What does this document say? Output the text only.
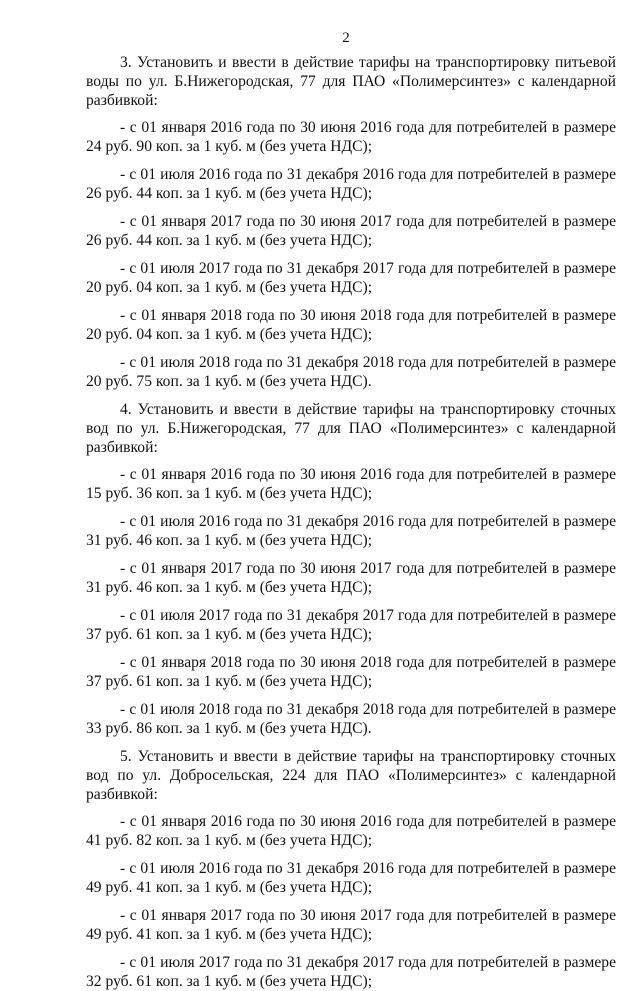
2

3. Установить и ввести в действие тарифы на транспортировку питьевой воды по ул. Б.Нижегородская, 77 для ПАО «Полимерсинтез» с календарной разбивкой:

- с 01 января 2016 года по 30 июня 2016 года для потребителей в размере
24 руб. 90 коп. за 1 куб. м (без учета НДС);

- с 01 июля 2016 года по 31 декабря 2016 года для потребителей в размере
26 руб. 44 коп. за 1 куб. м (без учета НДС);

- с 01 января 2017 года по 30 июня 2017 года для потребителей в размере
26 руб. 44 коп. за 1 куб. м (без учета НДС);

- с 01 июля 2017 года по 31 декабря 2017 года для потребителей в размере
20 руб. 04 коп. за 1 куб. м (без учета НДС);

- с 01 января 2018 года по 30 июня 2018 года для потребителей в размере
20 руб. 04 коп. за 1 куб. м (без учета НДС);

- с 01 июля 2018 года по 31 декабря 2018 года для потребителей в размере
20 руб. 75 коп. за 1 куб. м (без учета НДС).

4. Установить и ввести в действие тарифы на транспортировку сточных вод по ул. Б.Нижегородская, 77 для ПАО «Полимерсинтез» с календарной разбивкой:

- с 01 января 2016 года по 30 июня 2016 года для потребителей в размере
15 руб. 36 коп. за 1 куб. м (без учета НДС);

- с 01 июля 2016 года по 31 декабря 2016 года для потребителей в размере
31 руб. 46 коп. за 1 куб. м (без учета НДС);

- с 01 января 2017 года по 30 июня 2017 года для потребителей в размере
31 руб. 46 коп. за 1 куб. м (без учета НДС);

- с 01 июля 2017 года по 31 декабря 2017 года для потребителей в размере
37 руб. 61 коп. за 1 куб. м (без учета НДС);

- с 01 января 2018 года по 30 июня 2018 года для потребителей в размере
37 руб. 61 коп. за 1 куб. м (без учета НДС);

- с 01 июля 2018 года по 31 декабря 2018 года для потребителей в размере
33 руб. 86 коп. за 1 куб. м (без учета НДС).

5. Установить и ввести в действие тарифы на транспортировку сточных вод по ул. Добросельская, 224 для ПАО «Полимерсинтез» с календарной разбивкой:

- с 01 января 2016 года по 30 июня 2016 года для потребителей в размере
41 руб. 82 коп. за 1 куб. м (без учета НДС);

- с 01 июля 2016 года по 31 декабря 2016 года для потребителей в размере
49 руб. 41 коп. за 1 куб. м (без учета НДС);

- с 01 января 2017 года по 30 июня 2017 года для потребителей в размере
49 руб. 41 коп. за 1 куб. м (без учета НДС);

- с 01 июля 2017 года по 31 декабря 2017 года для потребителей в размере
32 руб. 61 коп. за 1 куб. м (без учета НДС);
